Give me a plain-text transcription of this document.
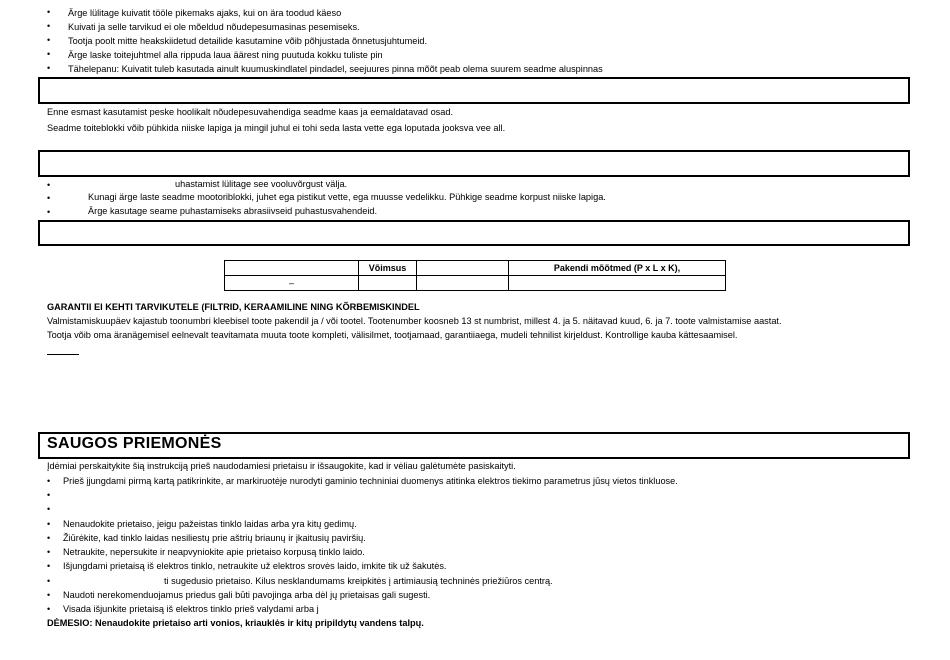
• Ärge lülitage kuivatit tööle pikemaks ajaks, kui on ära toodud käeso
• Kuivati ja selle tarvikud ei ole mõeldud nõudepesumasinas pesemiseks.
• Tootja poolt mitte heakskiidetud detailide kasutamine võib põhjustada õnnetusjuhtumeid.
• Ärge laske toitejuhtmel alla rippuda laua äärest ning puutuda kokku tuliste pin
• Tähelepanu: Kuivatit tuleb kasutada ainult kuumuskindlatel pindadel, seejuures pinna mõõt peab olema suurem seadme aluspinnas
Enne esmast kasutamist peske hoolikalt nõudepesuvahendiga seadme kaas ja eemaldatavad osad.
Seadme toiteblokki võib pühkida niiske lapiga ja mingil juhul ei tohi seda lasta vette ega loputada jooksva vee all.
•	uhastamist lülitage see vooluvõrgust välja.
•	Kunagi ärge laste seadme mootoriblokki, juhet ega pistikut vette, ega muusse vedelikku. Pühkige seadme korpust niiske lapiga.
•	Ärge kasutage seame puhastamiseks abrasiivseid puhastusvahendeid.
	Võimsus		Pakendi mõõtmed (P x L x K),
–			
GARANTII EI KEHTI TARVIKUTELE (FILTRID, KERAAMILINE NING KÕRBEMISKINDEL
Valmistamiskuupäev kajastub toonumbri kleebisel toote pakendil ja / või tootel. Tootenumber koosneb 13 st numbrist, millest 4. ja 5. näitavad kuud, 6. ja 7. toote valmistamise aastat.
Tootja võib oma äranägemisel eelnevalt teavitamata muuta toote kompleti, välisilmet, tootjamaad, garantiiaega, mudeli tehnilist kirjeldust. Kontrollige kauba kättesaamisel.
SAUGOS PRIEMONĖS
Įdėmiai perskaitykite šią instrukciją prieš naudodamiesi prietaisu ir išsaugokite, kad ir vėliau galėtumėte pasiskaityti.
• Prieš įjungdami pirmą kartą patikrinkite, ar markiruotėje nurodyti gaminio techniniai duomenys atitinka elektros tiekimo parametrus jūsų vietos tinkluose.
•
•
• Nenaudokite prietaiso, jeigu pažeistas tinklo laidas arba yra kitų gedimų.
• Žiūrėkite, kad tinklo laidas nesiliestų prie aštrių briaunų ir įkaitusių paviršių.
• Netraukite, nepersukite ir neapvyniokite apie prietaiso korpusą tinklo laido.
• Išjungdami prietaisą iš elektros tinklo, netraukite už elektros srovės laido, imkite tik už šakutės.
•	ti sugedusio prietaiso. Kilus nesklandumams kreipkitės į artimiausią techninės priežiūros centrą.
• Naudoti nerekomenduojamus priedus gali būti pavojinga arba dėl jų prietaisas gali sugesti.
• Visada išjunkite prietaisą iš elektros tinklo prieš valydami arba j
DĖMESIO: Nenaudokite prietaiso arti vonios, kriauklės ir kitų pripildytų vandens talpų.
